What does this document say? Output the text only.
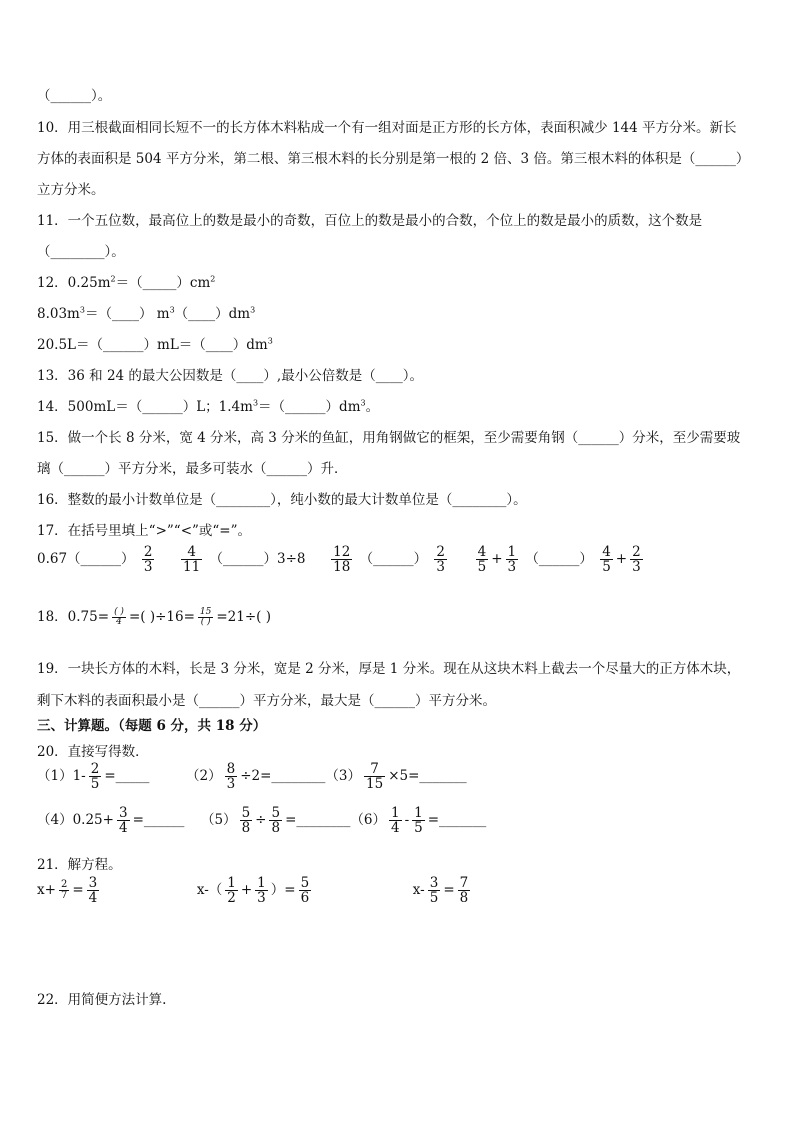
（______）。
10．用三根截面相同长短不一的长方体木料粘成一个有一组对面是正方形的长方体，表面积减少 144 平方分米。新长
方体的表面积是 504 平方分米，第二根、第三根木料的长分别是第一根的 2 倍、3 倍。第三根木料的体积是（______）
立方分米。
11．一个五位数，最高位上的数是最小的奇数，百位上的数是最小的合数，个位上的数是最小的质数，这个数是
（________）。
12．$0.25m^2=(\_\_\_\_\_)cm^2$
$8.03m^3=(\_\_\_\_)$ $m^3(\_\_\_\_)dm^3$
$20.5L=(\_\_\_\_\_\_)mL=(\_\_\_\_)dm^3$
13．36 和 24 的最大公因数是（____）,最小公倍数是（____）。
14．500mL＝（______）L；$1.4m^3=(\_\_\_\_\_\_)dm^3$。
15．做一个长 8 分米，宽 4 分米，高 3 分米的鱼缸，用角钢做它的框架，至少需要角钢（______）分米，至少需要玻
璃（______）平方分米，最多可装水（______）升．
16．整数的最小计数单位是（________），纯小数的最大计数单位是（________）。
17．在括号里填上“>”“<”或“=”。
0.67（______） $\frac{2}{3}$
$\frac{4}{11}$ （______）3÷8 $\frac{12}{18}$ （______） $\frac{2}{3}$
$\frac{4}{5} + \frac{1}{3}$ （______） $\frac{4}{5} + \frac{2}{3}$
18．$0.75= \frac{( )}{4}$ =( )$\div 16= \frac{15}{( )} =21\div$( )
19．一块长方体的木料，长是 3 分米，宽是 2 分米，厚是 1 分米。现在从这块木料上截去一个尽量大的正方体木块，
剩下木料的表面积最小是（______）平方分米，最大是（______）平方分米。
三、计算题。（每题 6 分，共 18 分）
20．直接写得数．
$(1)1- \frac{2}{5}$ =_____	$(2) \frac{8}{3}$ ÷2=________（3） $\frac{7}{15}$ ×5=_______
$(4)0.25+ \frac{3}{4}$ =______ $(5) \frac{5}{8} \div \frac{5}{8}$ =________（6） $\frac{1}{4} - \frac{1}{5}$ =_______
21．解方程。
$x+ \frac{2}{7} = \frac{3}{4}$	$x-( \frac{1}{2} + \frac{1}{3}$ ）= $\frac{5}{6}$	$x- \frac{3}{5} = \frac{7}{8}$
22．用简便方法计算.
